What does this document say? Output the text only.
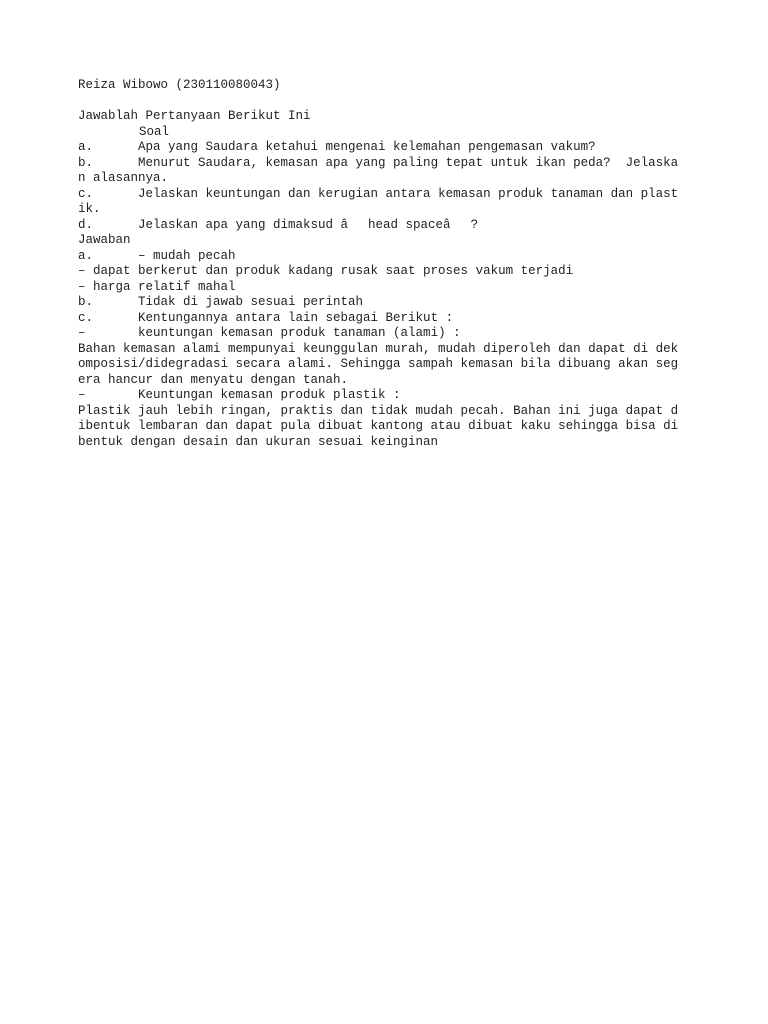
Reiza Wibowo (230110080043)
Jawablah Pertanyaan Berikut Ini
Soal
a.	Apa yang Saudara ketahui mengenai kelemahan pengemasan vakum?
b.	Menurut Saudara, kemasan apa yang paling tepat untuk ikan peda?  Jelaska
n alasannya.
c.	Jelaskan keuntungan dan kerugian antara kemasan produk tanaman dan plast
ik.
d.	Jelaskan apa yang dimaksud âhead spaceâ?
Jawaban
a.	– mudah pecah
– dapat berkerut dan produk kadang rusak saat proses vakum terjadi
– harga relatif mahal
b.	Tidak di jawab sesuai perintah
c.	Kentungannya antara lain sebagai Berikut :
–	keuntungan kemasan produk tanaman (alami) :
Bahan kemasan alami mempunyai keunggulan murah, mudah diperoleh dan dapat di dek
omposisi/didegradasi secara alami. Sehingga sampah kemasan bila dibuang akan seg
era hancur dan menyatu dengan tanah.
–	Keuntungan kemasan produk plastik :
Plastik jauh lebih ringan, praktis dan tidak mudah pecah. Bahan ini juga dapat d
ibentuk lembaran dan dapat pula dibuat kantong atau dibuat kaku sehingga bisa di
bentuk dengan desain dan ukuran sesuai keinginan
